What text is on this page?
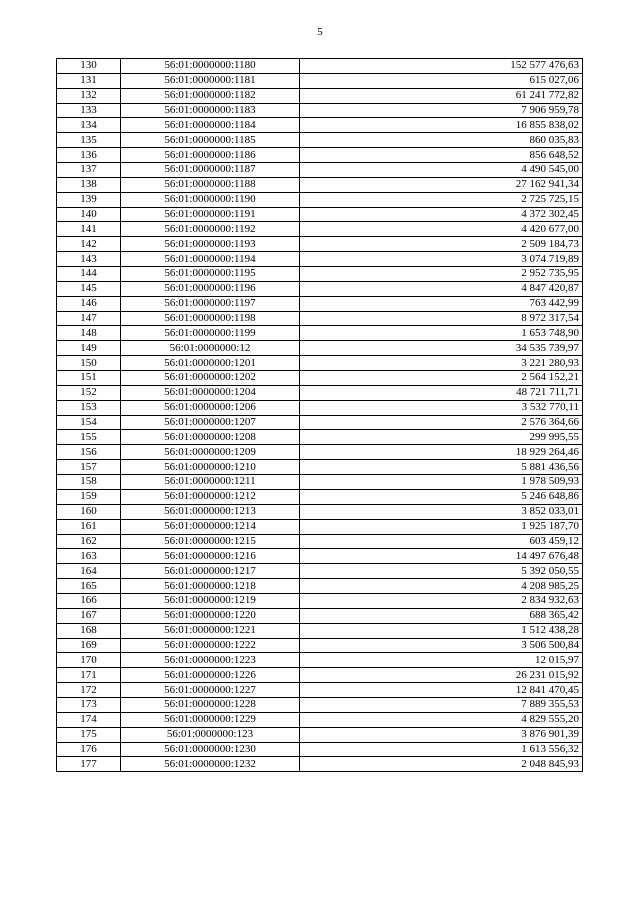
5
130	56:01:0000000:1180	152 577 476,63
131	56:01:0000000:1181	615 027,06
132	56:01:0000000:1182	61 241 772,82
133	56:01:0000000:1183	7 906 959,78
134	56:01:0000000:1184	16 855 838,02
135	56:01:0000000:1185	860 035,83
136	56:01:0000000:1186	856 648,52
137	56:01:0000000:1187	4 490 545,00
138	56:01:0000000:1188	27 162 941,34
139	56:01:0000000:1190	2 725 725,15
140	56:01:0000000:1191	4 372 302,45
141	56:01:0000000:1192	4 420 677,00
142	56:01:0000000:1193	2 509 184,73
143	56:01:0000000:1194	3 074 719,89
144	56:01:0000000:1195	2 952 735,95
145	56:01:0000000:1196	4 847 420,87
146	56:01:0000000:1197	763 442,99
147	56:01:0000000:1198	8 972 317,54
148	56:01:0000000:1199	1 653 748,90
149	56:01:0000000:12	34 535 739,97
150	56:01:0000000:1201	3 221 280,93
151	56:01:0000000:1202	2 564 152,21
152	56:01:0000000:1204	48 721 711,71
153	56:01:0000000:1206	3 532 770,11
154	56:01:0000000:1207	2 576 364,66
155	56:01:0000000:1208	299 995,55
156	56:01:0000000:1209	18 929 264,46
157	56:01:0000000:1210	5 881 436,56
158	56:01:0000000:1211	1 978 509,93
159	56:01:0000000:1212	5 246 648,86
160	56:01:0000000:1213	3 852 033,01
161	56:01:0000000:1214	1 925 187,70
162	56:01:0000000:1215	603 459,12
163	56:01:0000000:1216	14 497 676,48
164	56:01:0000000:1217	5 392 050,55
165	56:01:0000000:1218	4 208 985,25
166	56:01:0000000:1219	2 834 932,63
167	56:01:0000000:1220	688 365,42
168	56:01:0000000:1221	1 512 438,28
169	56:01:0000000:1222	3 506 500,84
170	56:01:0000000:1223	12 015,97
171	56:01:0000000:1226	26 231 015,92
172	56:01:0000000:1227	12 841 470,45
173	56:01:0000000:1228	7 889 355,53
174	56:01:0000000:1229	4 829 555,20
175	56:01:0000000:123	3 876 901,39
176	56:01:0000000:1230	1 613 556,32
177	56:01:0000000:1232	2 048 845,93
